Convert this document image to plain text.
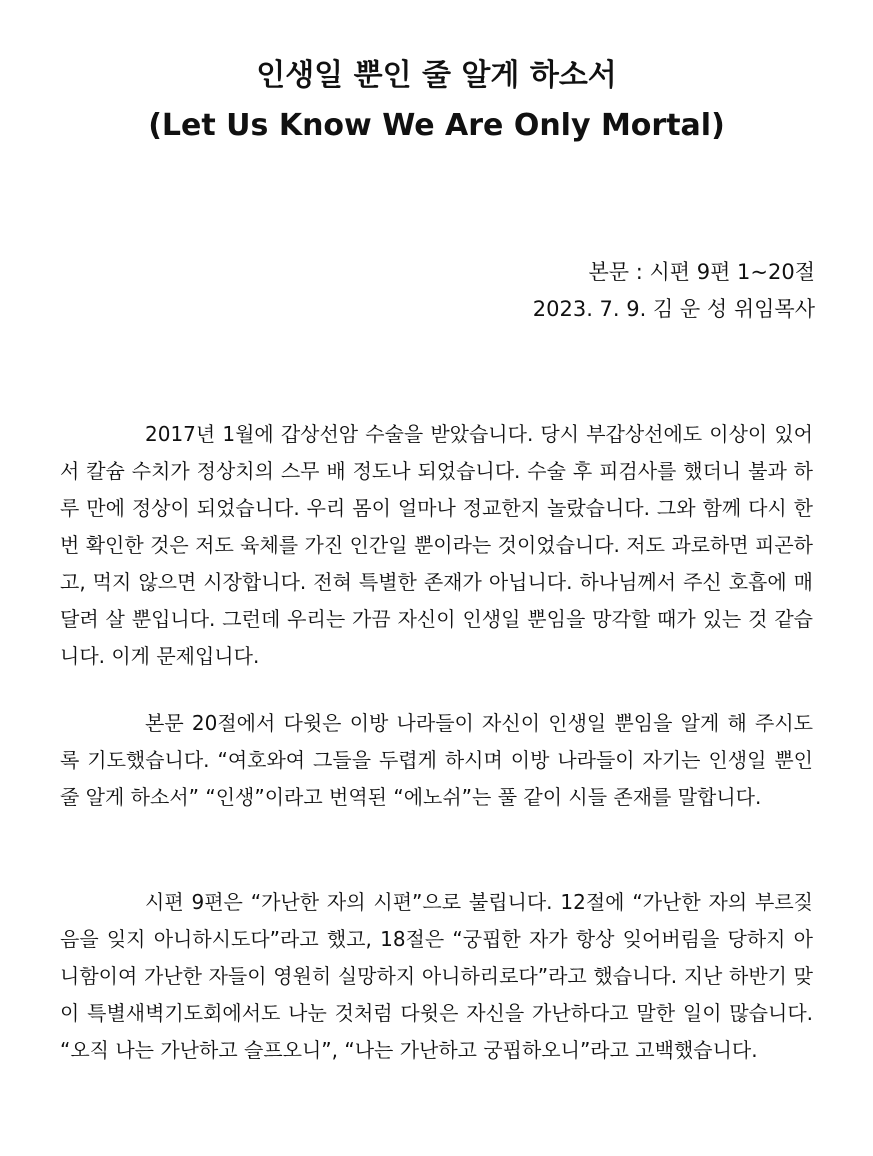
인생일 뿐인 줄 알게 하소서
(Let Us Know We Are Only Mortal)
본문 : 시편 9편 1~20절
2023. 7. 9. 김 운 성 위임목사

2017년 1월에 갑상선암 수술을 받았습니다. 당시 부갑상선에도 이상이 있어서 칼슘 수치가 정상치의 스무 배 정도나 되었습니다. 수술 후 피검사를 했더니 불과 하루 만에 정상이 되었습니다. 우리 몸이 얼마나 정교한지 놀랐습니다. 그와 함께 다시 한번 확인한 것은 저도 육체를 가진 인간일 뿐이라는 것이었습니다. 저도 과로하면 피곤하고, 먹지 않으면 시장합니다. 전혀 특별한 존재가 아닙니다. 하나님께서 주신 호흡에 매달려 살 뿐입니다. 그런데 우리는 가끔 자신이 인생일 뿐임을 망각할 때가 있는 것 같습니다. 이게 문제입니다.

본문 20절에서 다윗은 이방 나라들이 자신이 인생일 뿐임을 알게 해 주시도록 기도했습니다. “여호와여 그들을 두렵게 하시며 이방 나라들이 자기는 인생일 뿐인 줄 알게 하소서” “인생”이라고 번역된 “에노쉬”는 풀 같이 시들 존재를 말합니다.

시편 9편은 “가난한 자의 시편”으로 불립니다. 12절에 “가난한 자의 부르짖음을 잊지 아니하시도다”라고 했고, 18절은 “궁핍한 자가 항상 잊어버림을 당하지 아니함이여 가난한 자들이 영원히 실망하지 아니하리로다”라고 했습니다. 지난 하반기 맞이 특별새벽기도회에서도 나눈 것처럼 다윗은 자신을 가난하다고 말한 일이 많습니다. “오직 나는 가난하고 슬프오니”, “나는 가난하고 궁핍하오니”라고 고백했습니다.
